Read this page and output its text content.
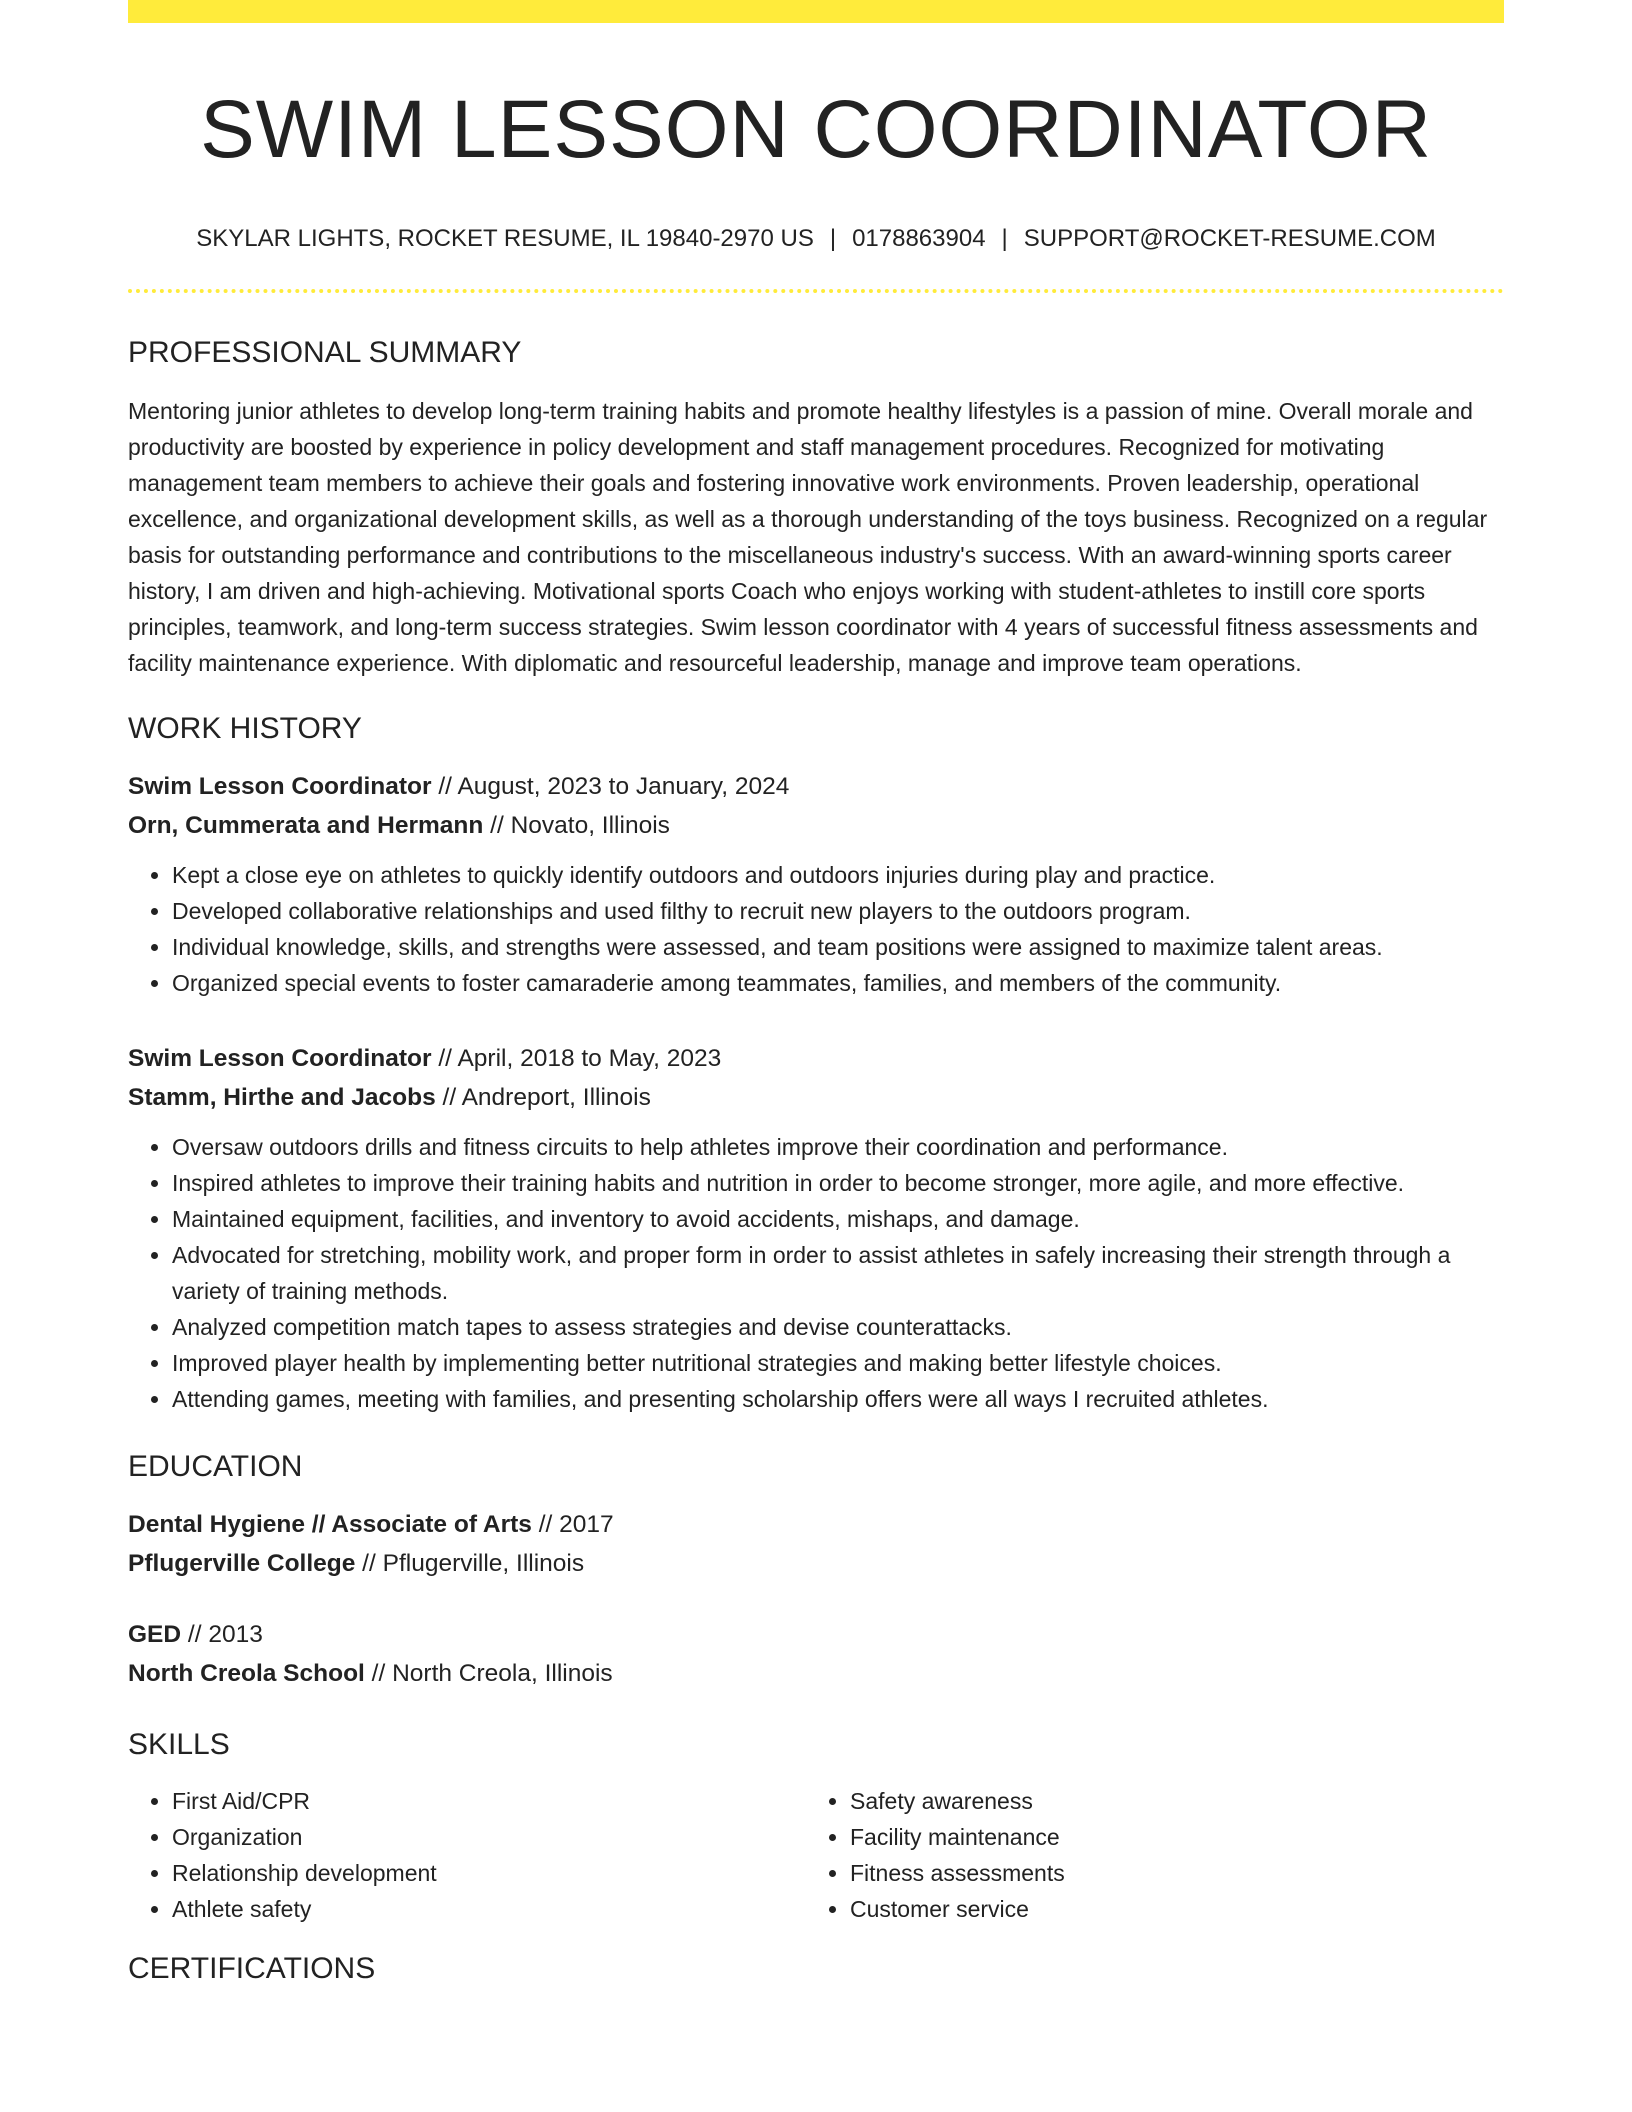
SWIM LESSON COORDINATOR
SKYLAR LIGHTS, ROCKET RESUME, IL 19840-2970 US | 0178863904 | SUPPORT@ROCKET-RESUME.COM
PROFESSIONAL SUMMARY
Mentoring junior athletes to develop long-term training habits and promote healthy lifestyles is a passion of mine. Overall morale and productivity are boosted by experience in policy development and staff management procedures. Recognized for motivating management team members to achieve their goals and fostering innovative work environments. Proven leadership, operational excellence, and organizational development skills, as well as a thorough understanding of the toys business. Recognized on a regular basis for outstanding performance and contributions to the miscellaneous industry's success. With an award-winning sports career history, I am driven and high-achieving. Motivational sports Coach who enjoys working with student-athletes to instill core sports principles, teamwork, and long-term success strategies. Swim lesson coordinator with 4 years of successful fitness assessments and facility maintenance experience. With diplomatic and resourceful leadership, manage and improve team operations.
WORK HISTORY
Swim Lesson Coordinator // August, 2023 to January, 2024
Orn, Cummerata and Hermann // Novato, Illinois
• Kept a close eye on athletes to quickly identify outdoors and outdoors injuries during play and practice.
• Developed collaborative relationships and used filthy to recruit new players to the outdoors program.
• Individual knowledge, skills, and strengths were assessed, and team positions were assigned to maximize talent areas.
• Organized special events to foster camaraderie among teammates, families, and members of the community.
Swim Lesson Coordinator // April, 2018 to May, 2023
Stamm, Hirthe and Jacobs // Andreport, Illinois
• Oversaw outdoors drills and fitness circuits to help athletes improve their coordination and performance.
• Inspired athletes to improve their training habits and nutrition in order to become stronger, more agile, and more effective.
• Maintained equipment, facilities, and inventory to avoid accidents, mishaps, and damage.
• Advocated for stretching, mobility work, and proper form in order to assist athletes in safely increasing their strength through a variety of training methods.
• Analyzed competition match tapes to assess strategies and devise counterattacks.
• Improved player health by implementing better nutritional strategies and making better lifestyle choices.
• Attending games, meeting with families, and presenting scholarship offers were all ways I recruited athletes.
EDUCATION
Dental Hygiene // Associate of Arts // 2017
Pflugerville College // Pflugerville, Illinois
GED // 2013
North Creola School // North Creola, Illinois
SKILLS
• First Aid/CPR
• Organization
• Relationship development
• Athlete safety
• Safety awareness
• Facility maintenance
• Fitness assessments
• Customer service
CERTIFICATIONS
